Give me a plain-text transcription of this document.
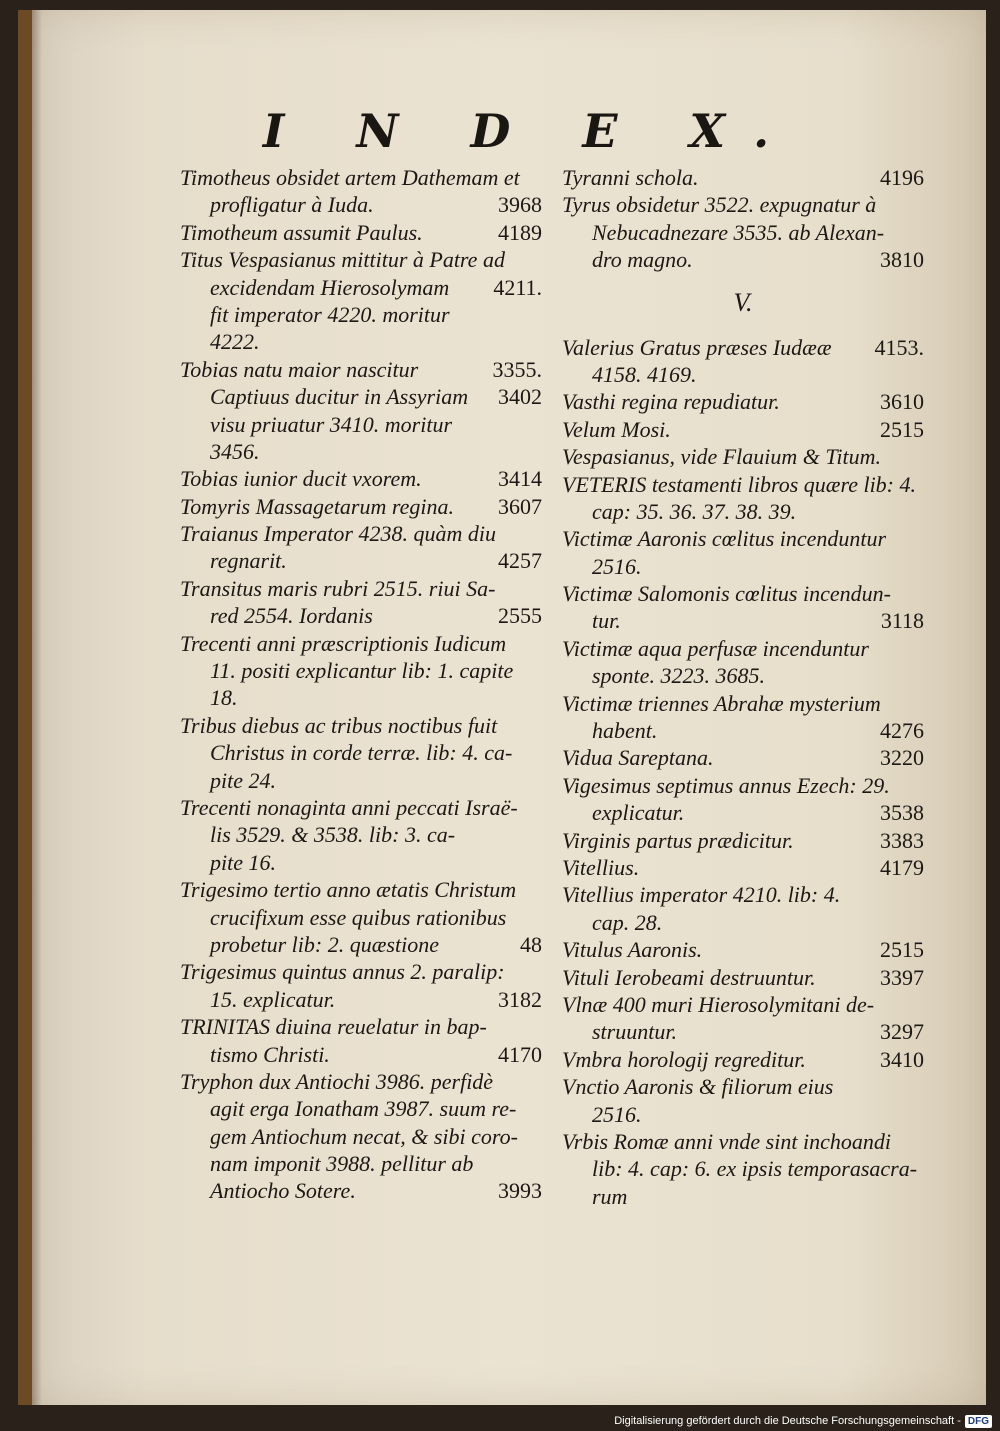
I N D E X.
Timotheus obsidet artem Dathemam et
profligatur à Iuda.	3968
Timotheum assumit Paulus.	4189
Titus Vespasianus mittitur à Patre ad
excidendam Hierosolymam 4211.
fit imperator 4220. moritur
4222.
Tobias natu maior nascitur	3355.
Captiuus ducitur in Assyriam 3402
visu priuatur 3410. moritur
3456.
Tobias iunior ducit vxorem.	3414
Tomyris Massagetarum regina. 3607
Traianus Imperator 4238. quàm diu
regnarit.	4257
Transitus maris rubri 2515. riui Sa-
red 2554. Iordanis	2555
Trecenti anni præscriptionis Iudicum
11. positi explicantur lib: 1. capite
18.
Tribus diebus ac tribus noctibus fuit
Christus in corde terræ. lib: 4. ca-
pite 24.
Trecenti nonaginta anni peccati Israë-
lis 3529. & 3538. lib: 3. ca-
pite 16.
Trigesimo tertio anno ætatis Christum
crucifixum esse quibus rationibus
probetur lib: 2. quæstione	48
Trigesimus quintus annus 2. paralip:
15. explicatur.	3182
TRINITAS diuina reuelatur in bap-
tismo Christi.	4170
Tryphon dux Antiochi 3986. perfidè
agit erga Ionatham 3987. suum re-
gem Antiochum necat, & sibi coro-
nam imponit 3988. pellitur ab
Antiocho Sotere.	3993
Tyranni schola.	4196
Tyrus obsidetur 3522. expugnatur à
Nebucadnezare 3535. ab Alexan-
dro magno.	3810
V.
Valerius Gratus præses Iudææ 4153.
4158. 4169.
Vasthi regina repudiatur.	3610
Velum Mosi.	2515
Vespasianus, vide Flauium & Titum.
VETERIS testamenti libros quære lib: 4.
cap: 35. 36. 37. 38. 39.
Victimæ Aaronis cœlitus incenduntur
2516.
Victimæ Salomonis cœlitus incendun-
tur.	3118
Victimæ aqua perfusæ incenduntur
sponte. 3223. 3685.
Victimæ triennes Abrahæ mysterium
habent.	4276
Vidua Sareptana.	3220
Vigesimus septimus annus Ezech: 29.
explicatur.	3538
Virginis partus prædicitur.	3383
Vitellius.	4179
Vitellius imperator 4210. lib: 4.
cap. 28.
Vitulus Aaronis.	2515
Vituli Ierobeami destruuntur.	3397
Vlnæ 400 muri Hierosolymitani de-
struuntur.	3297
Vmbra horologij regreditur.	3410
Vnctio Aaronis & filiorum eius
2516.
Vrbis Romæ anni vnde sint inchoandi
lib: 4. cap: 6. ex ipsis temporasacra-
rum
Digitalisierung gefördert durch die Deutsche Forschungsgemeinschaft - DFG
